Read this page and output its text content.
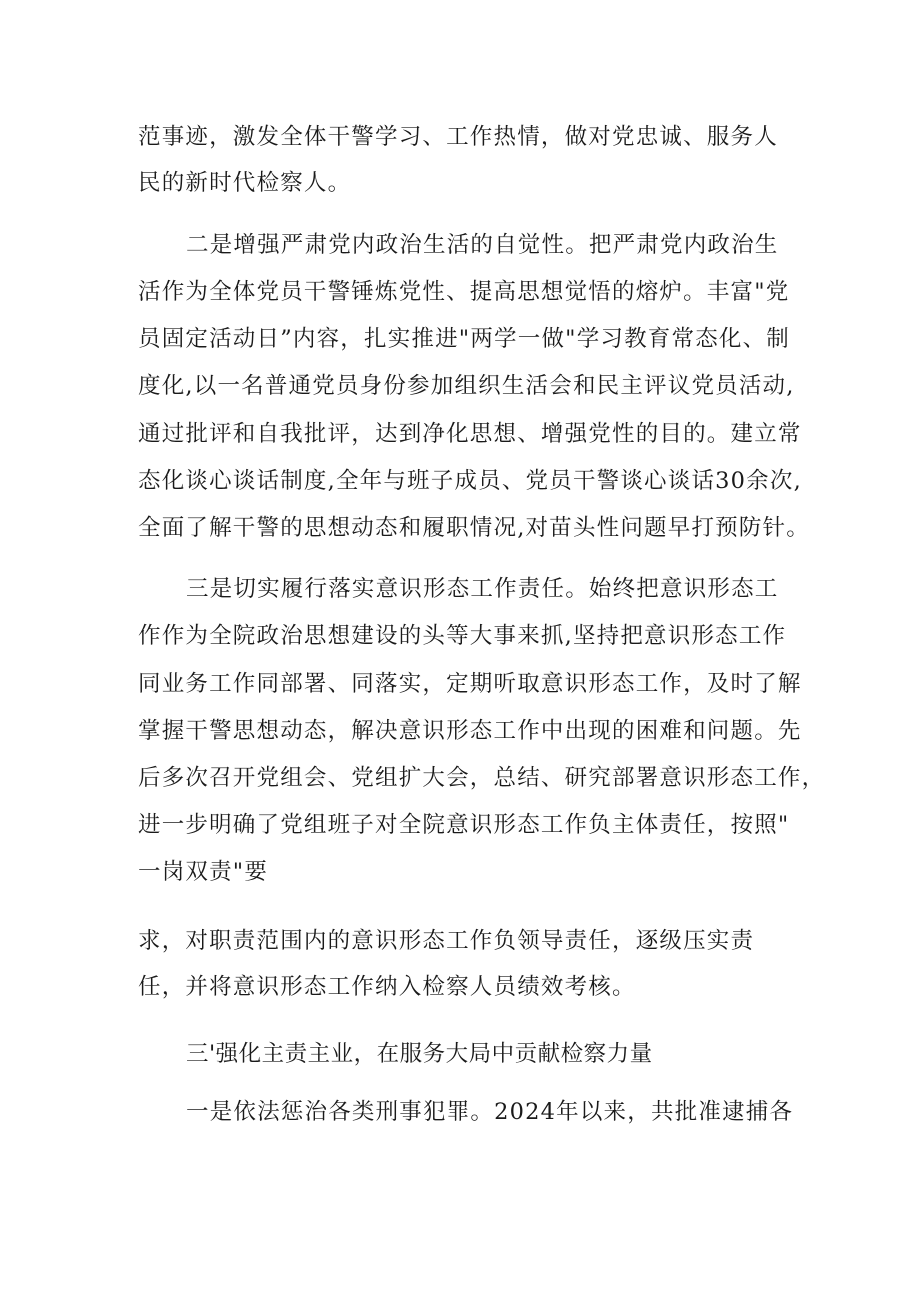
范事迹，激发全体干警学习、工作热情，做对党忠诚、服务人
民的新时代检察人。
二是增强严肃党内政治生活的自觉性。把严肃党内政治生
活作为全体党员干警锤炼党性、提高思想觉悟的熔炉。丰富"党
员固定活动日”内容，扎实推进"两学一做"学习教育常态化、制
度化,以一名普通党员身份参加组织生活会和民主评议党员活动,
通过批评和自我批评，达到净化思想、增强党性的目的。建立常
态化谈心谈话制度,全年与班子成员、党员干警谈心谈话30余次,
全面了解干警的思想动态和履职情况,对苗头性问题早打预防针。
三是切实履行落实意识形态工作责任。始终把意识形态工
作作为全院政治思想建设的头等大事来抓,坚持把意识形态工作
同业务工作同部署、同落实，定期听取意识形态工作，及时了解
掌握干警思想动态，解决意识形态工作中出现的困难和问题。先
后多次召开党组会、党组扩大会，总结、研究部署意识形态工作，
进一步明确了党组班子对全院意识形态工作负主体责任，按照"
一岗双责"要
求，对职责范围内的意识形态工作负领导责任，逐级压实责
任，并将意识形态工作纳入检察人员绩效考核。
三'强化主责主业，在服务大局中贡献检察力量
一是依法惩治各类刑事犯罪。2024年以来，共批准逮捕各
